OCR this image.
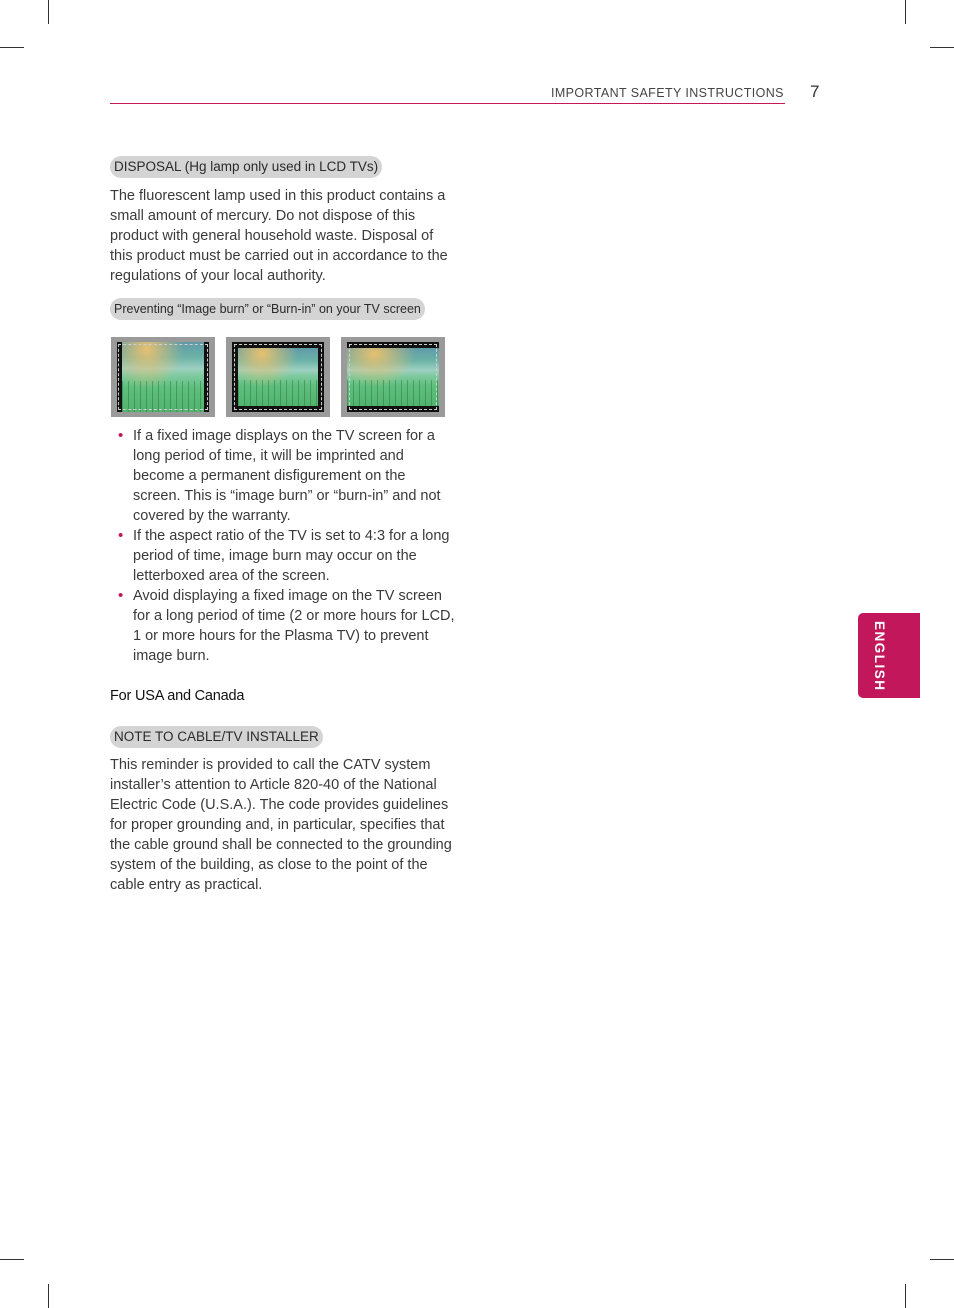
IMPORTANT SAFETY INSTRUCTIONS 7
DISPOSAL (Hg lamp only used in LCD TVs)

The fluorescent lamp used in this product contains a small amount of mercury. Do not dispose of this product with general household waste. Disposal of this product must be carried out in accordance to the regulations of your local authority.

Preventing “Image burn” or “Burn-in” on your TV screen
• If a fixed image displays on the TV screen for a long period of time, it will be imprinted and become a permanent disfigurement on the screen. This is “image burn” or “burn-in” and not covered by the warranty.
• If the aspect ratio of the TV is set to 4:3 for a long period of time, image burn may occur on the letterboxed area of the screen.
• Avoid displaying a fixed image on the TV screen for a long period of time (2 or more hours for LCD, 1 or more hours for the Plasma TV) to prevent image burn.
For USA and Canada
NOTE TO CABLE/TV INSTALLER

This reminder is provided to call the CATV system installer’s attention to Article 820-40 of the National Electric Code (U.S.A.). The code provides guidelines for proper grounding and, in particular, specifies that the cable ground shall be connected to the grounding system of the building, as close to the point of the cable entry as practical.

ENGLISH
